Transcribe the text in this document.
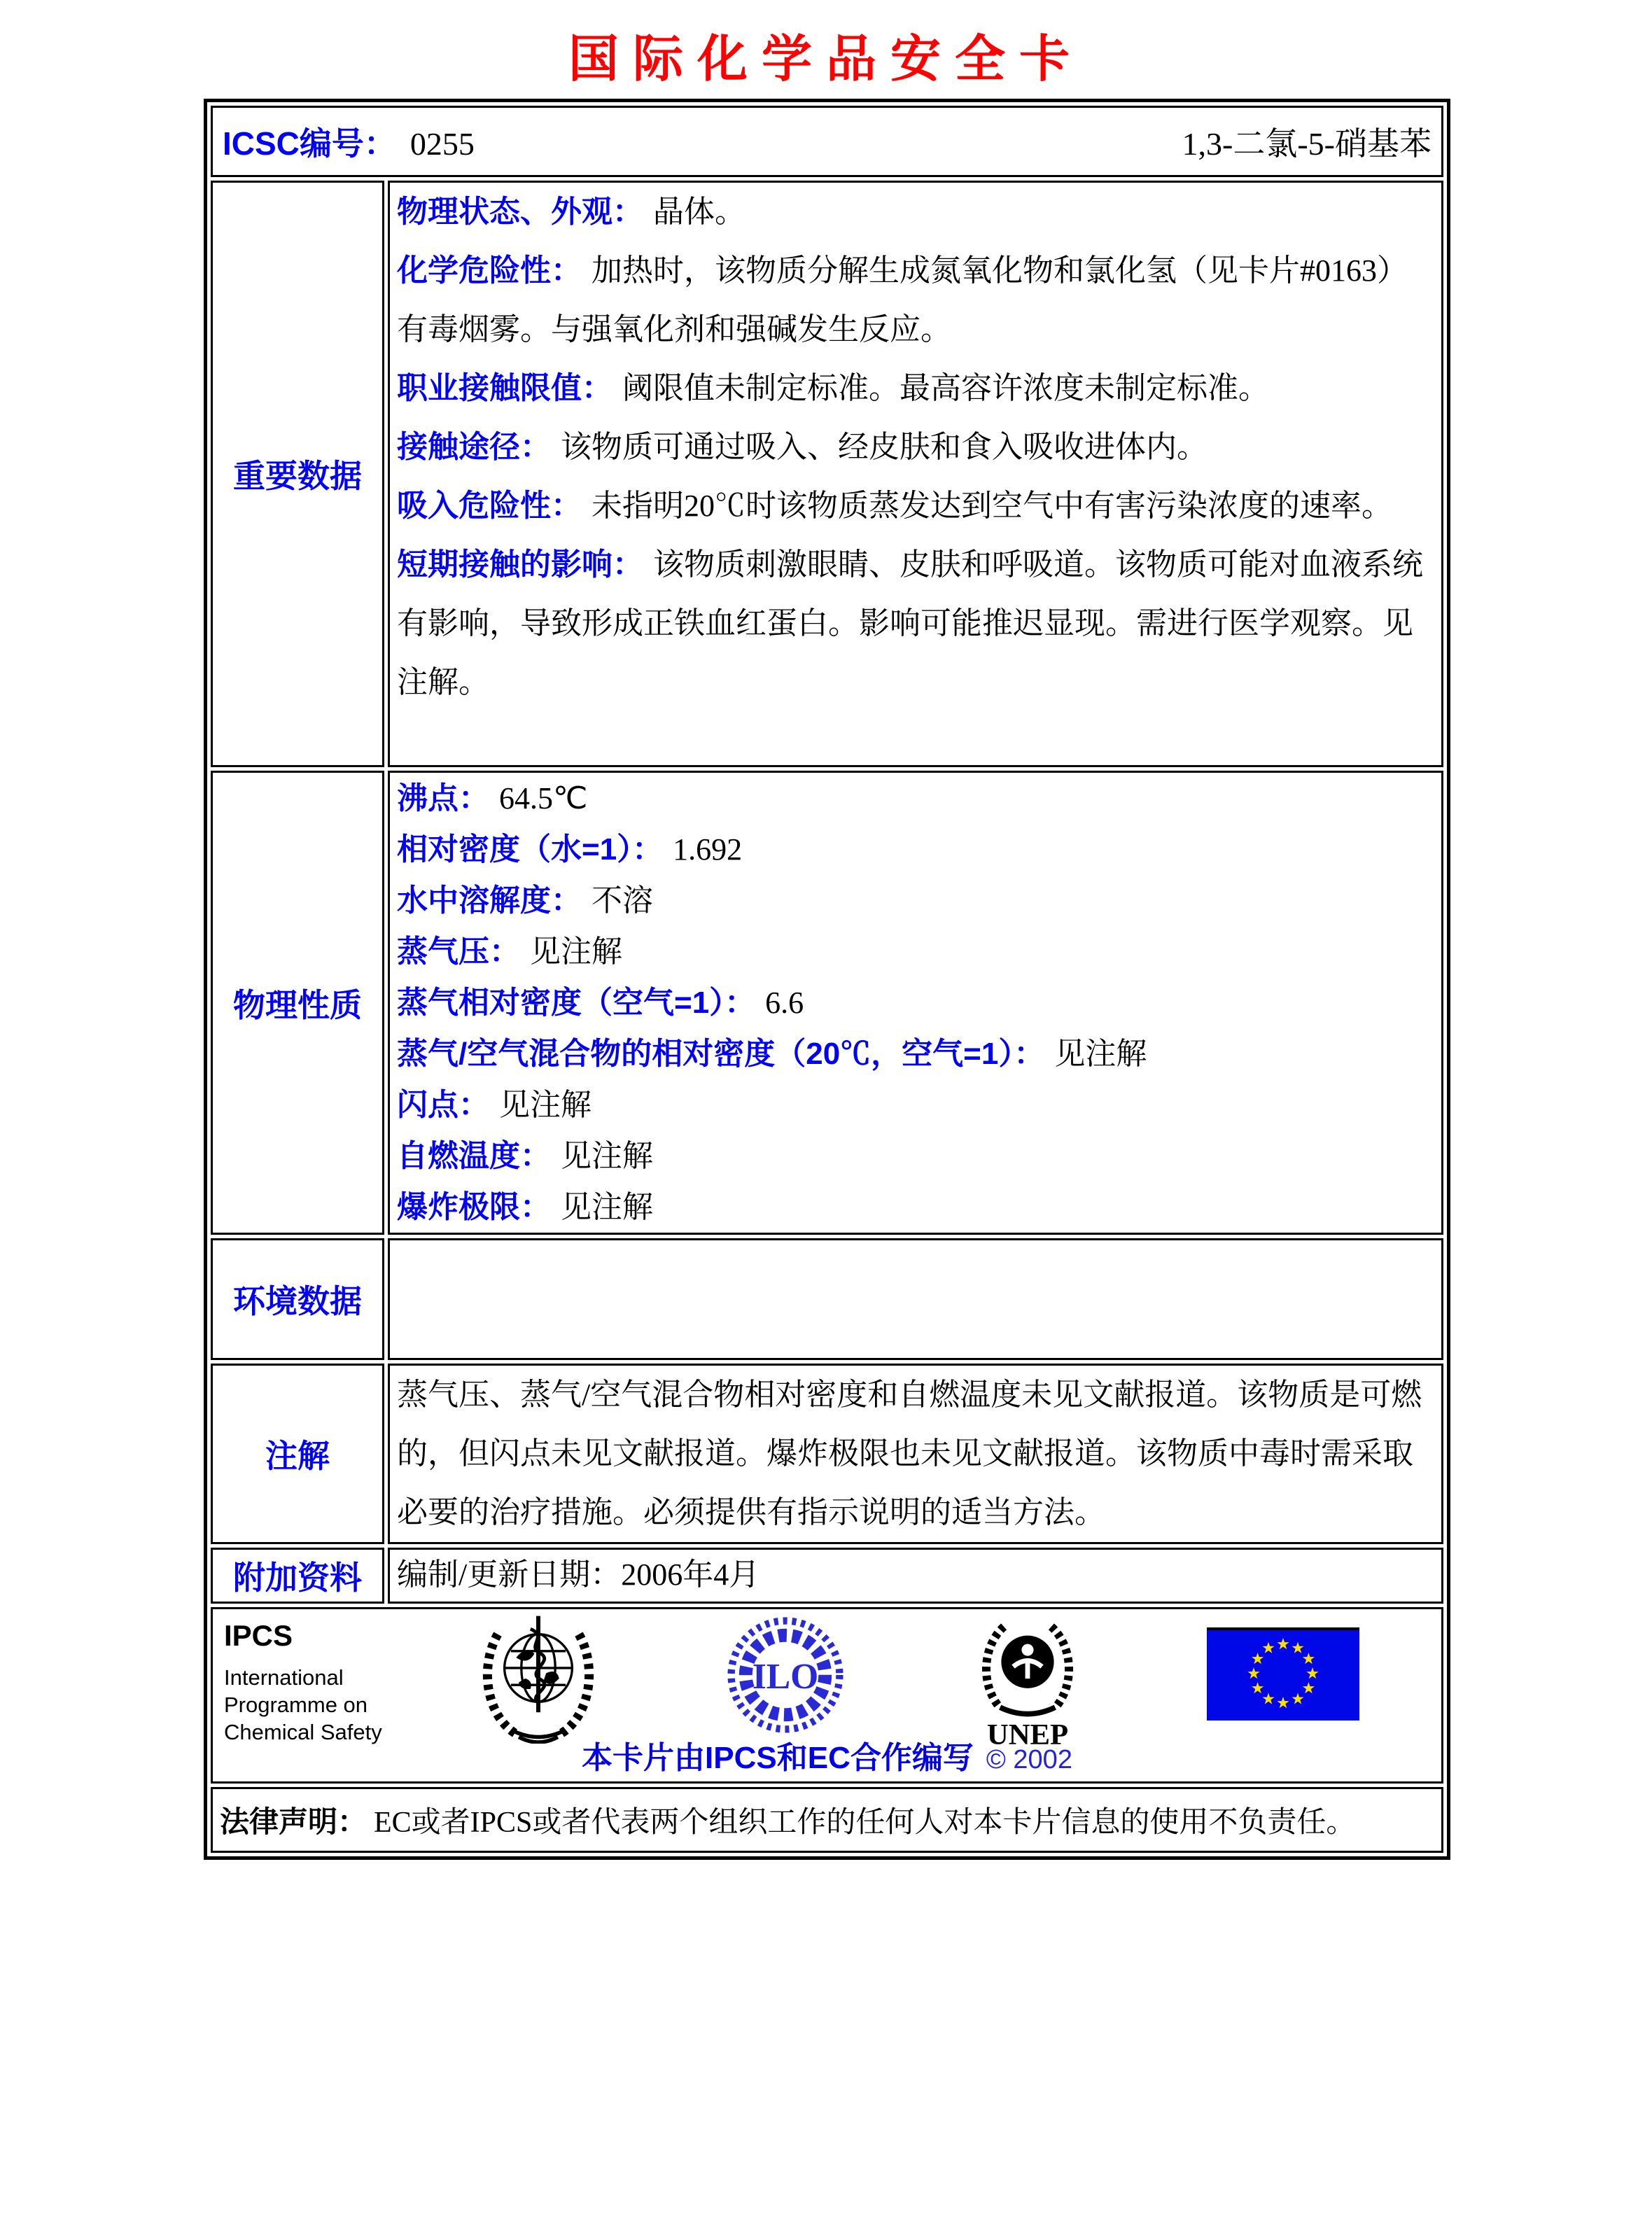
国际化学品安全卡
ICSC编号： 0255 1,3-二氯-5-硝基苯	

重要数据	
物理状态、外观： 晶体。
化学危险性： 加热时，该物质分解生成氮氧化物和氯化氢（见卡片#0163）有毒烟雾。与强氧化剂和强碱发生反应。
职业接触限值： 阈限值未制定标准。最高容许浓度未制定标准。
接触途径： 该物质可通过吸入、经皮肤和食入吸收进体内。
吸入危险性： 未指明20℃时该物质蒸发达到空气中有害污染浓度的速率。
短期接触的影响： 该物质刺激眼睛、皮肤和呼吸道。该物质可能对血液系统有影响，导致形成正铁血红蛋白。影响可能推迟显现。需进行医学观察。见注解。

物理性质	
沸点： 64.5℃
相对密度（水=1）： 1.692
水中溶解度： 不溶
蒸气压： 见注解
蒸气相对密度（空气=1）： 6.6
蒸气/空气混合物的相对密度（20℃，空气=1）： 见注解
闪点： 见注解
自燃温度： 见注解
爆炸极限： 见注解

环境数据	
注解	蒸气压、蒸气/空气混合物相对密度和自燃温度未见文献报道。该物质是可燃的，但闪点未见文献报道。爆炸极限也未见文献报道。该物质中毒时需采取必要的治疗措施。必须提供有指示说明的适当方法。

附加资料	编制/更新日期：2006年4月

IPCS
International
Programme on
Chemical Safety
ILO
UNEP
本卡片由IPCS和EC合作编写 © 2002

法律声明： EC或者IPCS或者代表两个组织工作的任何人对本卡片信息的使用不负责任。	
